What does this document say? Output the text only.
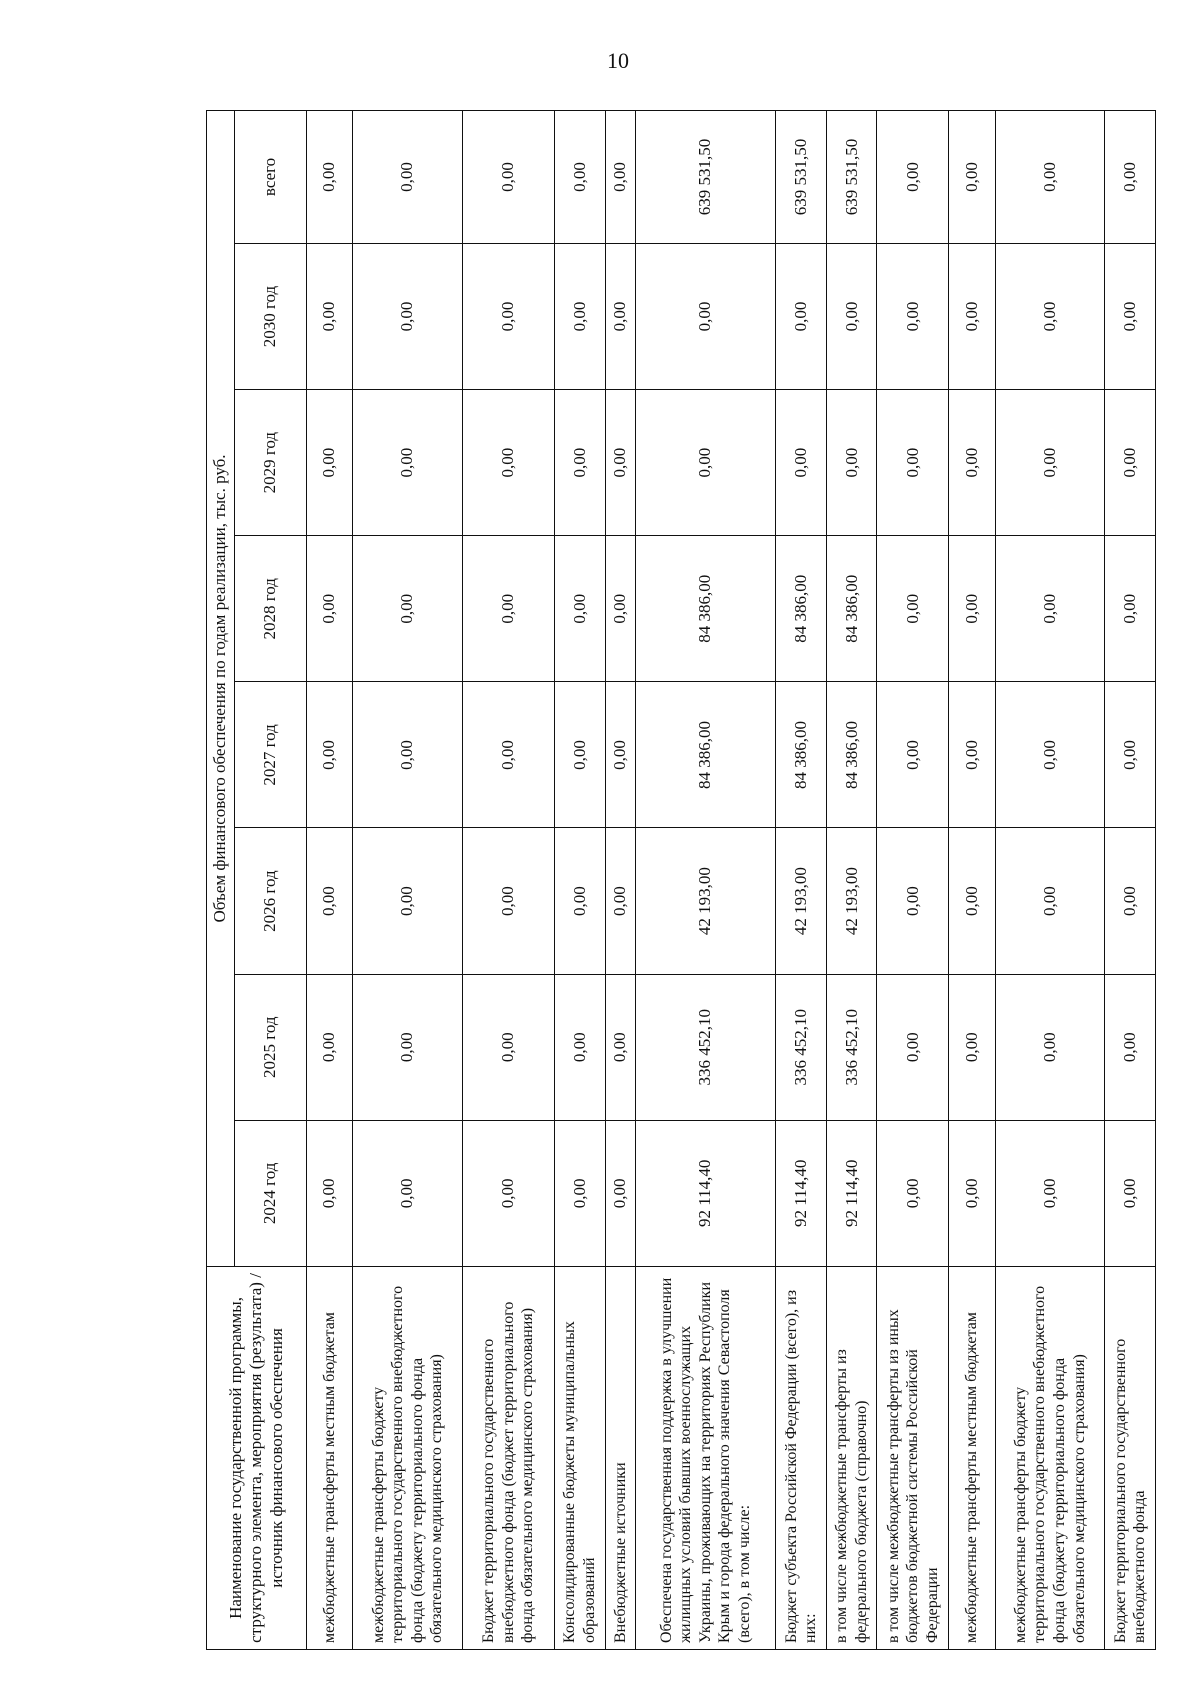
10
Наименование государственной программы, структурного элемента, мероприятия (результата) / источник финансового обеспечения	Объем финансового обеспечения по годам реализации, тыс. руб.							
	2024 год	2025 год	2026 год	2027 год	2028 год	2029 год	2030 год	всего
межбюджетные трансферты местным бюджетам	0,00	0,00	0,00	0,00	0,00	0,00	0,00	0,00
межбюджетные трансферты бюджету территориального государственного внебюджетного фонда (бюджету территориального фонда обязательного медицинского страхования)	0,00	0,00	0,00	0,00	0,00	0,00	0,00	0,00
Бюджет территориального государственного внебюджетного фонда (бюджет территориального фонда обязательного медицинского страхования)	0,00	0,00	0,00	0,00	0,00	0,00	0,00	0,00
Консолидированные бюджеты муниципальных образований	0,00	0,00	0,00	0,00	0,00	0,00	0,00	0,00
Внебюджетные источники	0,00	0,00	0,00	0,00	0,00	0,00	0,00	0,00
Обеспечена государственная поддержка в улучшении жилищных условий бывших военнослужащих Украины, проживающих на территориях Республики Крым и города федерального значения Севастополя (всего), в том числе:	92 114,40	336 452,10	42 193,00	84 386,00	84 386,00	0,00	0,00	639 531,50
Бюджет субъекта Российской Федерации (всего), из них:	92 114,40	336 452,10	42 193,00	84 386,00	84 386,00	0,00	0,00	639 531,50
в том числе межбюджетные трансферты из федерального бюджета (справочно)	92 114,40	336 452,10	42 193,00	84 386,00	84 386,00	0,00	0,00	639 531,50
в том числе межбюджетные трансферты из иных бюджетов бюджетной системы Российской Федерации	0,00	0,00	0,00	0,00	0,00	0,00	0,00	0,00
межбюджетные трансферты местным бюджетам	0,00	0,00	0,00	0,00	0,00	0,00	0,00	0,00
межбюджетные трансферты бюджету территориального государственного внебюджетного фонда (бюджету территориального фонда обязательного медицинского страхования)	0,00	0,00	0,00	0,00	0,00	0,00	0,00	0,00
Бюджет территориального государственного внебюджетного фонда	0,00	0,00	0,00	0,00	0,00	0,00	0,00	0,00
